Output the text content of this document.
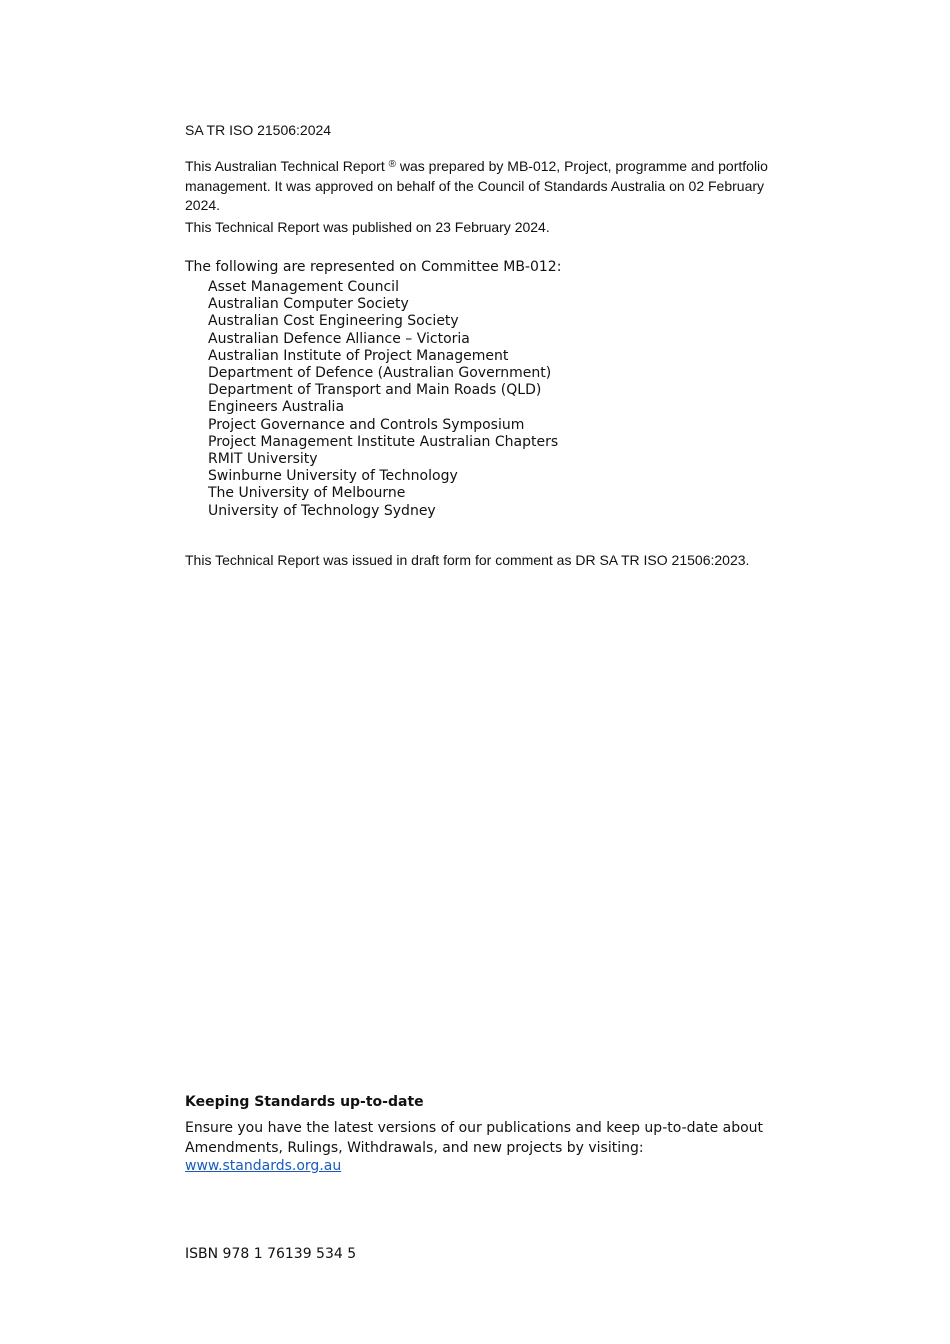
SA TR ISO 21506:2024
This Australian Technical Report ® was prepared by MB-012, Project, programme and portfolio management. It was approved on behalf of the Council of Standards Australia on 02 February 2024.
This Technical Report was published on 23 February 2024.
The following are represented on Committee MB-012:
Asset Management Council
Australian Computer Society
Australian Cost Engineering Society
Australian Defence Alliance – Victoria
Australian Institute of Project Management
Department of Defence (Australian Government)
Department of Transport and Main Roads (QLD)
Engineers Australia
Project Governance and Controls Symposium
Project Management Institute Australian Chapters
RMIT University
Swinburne University of Technology
The University of Melbourne
University of Technology Sydney
This Technical Report was issued in draft form for comment as DR SA TR ISO 21506:2023.
Keeping Standards up-to-date
Ensure you have the latest versions of our publications and keep up-to-date about Amendments, Rulings, Withdrawals, and new projects by visiting:
www.standards.org.au
ISBN 978 1 76139 534 5
